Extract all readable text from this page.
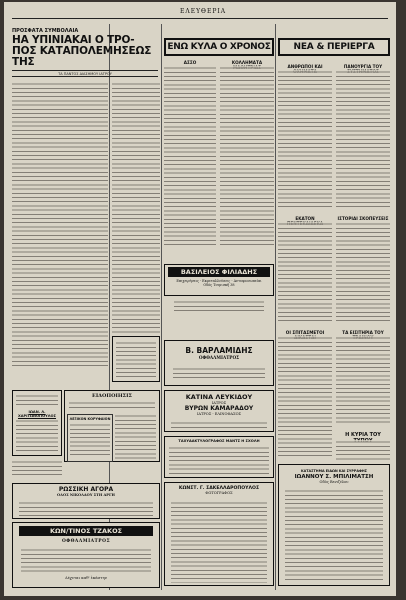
ΕΛΕΥΘΕΡΙΑ
ΠΡΟΣΦΑΤΑ ΣΥΜΒΟΛΑΙΑ

ΗΑ ΥΠΙΝΙΑΚΑΙ Ο ΤΡΟ- ΠΟΣ ΚΑΤΑΠΟΛΕΜΗΣΕΩΣ ΤΗΣ

ΤΑ ΠΑΝΤΟΣ ΔΙΑΣΗΜΟΥ ΙΑΤΡΟΥ
ΙΩΑΝ. Λ. ΧΑΡΙΤΩΝΟΠΟΥΛΟΣ
ΕΙΔΟΠΟΙΗΣΙΣ
ΛΕΞΙΚΟΝ ΚΟΡΥΦΑΙΟΝ
ΡΩΣΣΙΚΗ ΑΓΟΡΑ
ΟΔΟΣ ΝΙΚΟΛΑΟΥ ΣΤΗ ΑΡΓΗ
ΚΩΝ/ΤΙΝΟΣ ΤΖΑΚΟΣ
ΟΦΘΑΛΜΙΑΤΡΟΣ
Δέχεται καθ' ἑκάστην
ΕΝΩ ΚΥΛΑ Ο ΧΡΟΝΟΣ
ΑΣΣΟ	ΚΟΛΛΗΜΑΤΑ
ΒΑΣΙΛΕΙΟΣ ΦΙΛΙΑΔΗΣ
Επιχειρήσεις - Εκμεταλλεύσεις - Αντιπροσωπείαι
Οδὸς Τσιμισκῆ 38
Β. ΒΑΡΛΑΜΙΔΗΣ
ΟΦΘΑΛΜΙΑΤΡΟΣ
ΚΑΤΙΝΑ ΛΕΥΚΙΔΟΥ
ΙΑΤΡΟΣ
ΒΥΡΩΝ ΚΑΜΑΡΑΔΟΥ
ΙΑΤΡΟΣ - ΕΛΙΝΟΦΑΣΟΣ
ΤΑΧΥΔΑΚΤΥΛΟΓΡΑΦΟΣ ΜΑΝΤΣ Η ΣΧΟΛΗ
ΚΩΝΣΤ. Γ. ΣΑΚΕΛΛΑΡΟΠΟΥΛΟΣ
ΦΩΤΟΓΡΑΦΟΣ
ΝΕΑ & ΠΕΡΙΕΡΓΑ
ΑΝΘΡΩΠΟΙ ΚΑΙ	ΠΑΝΟΥΡΓΙΑ ΤΟΥ
ΕΚΑΤΟΝ	ΙΣΤΟΡΙΑΙ ΣΚΟΠΕΥΣΕΙΣ
ΟΙ ΣΠΙΤΑΣΜΕΤΟΙ	ΤΑ ΕΙΣΙΤΗΡΙΑ ΤΟΥ
Η ΚΥΡΙΑ ΤΟΥ
ΚΑΤΑΣΤΗΜΑ ΕΙΔΩΝ ΚΑΙ ΣΥΡΡΑΦΗΣ
ΙΩΑΝΝΟΥ Σ. ΜΠΙΛΙΜΑΤΣΗ
Οδὸς Βενιζέλου
